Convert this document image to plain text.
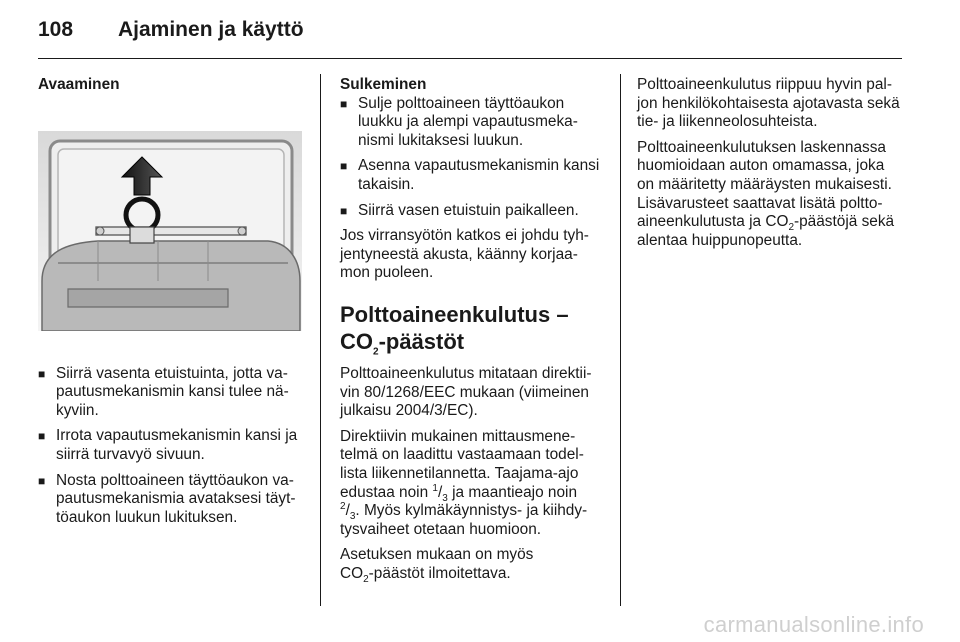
108 Ajaminen ja käyttö
Avaaminen
■ Siirrä vasenta etuistuinta, jotta va-pautusmekanismin kansi tulee nä-kyviin.
■ Irrota vapautusmekanismin kansi ja siirrä turvavyö sivuun.
■ Nosta polttoaineen täyttöaukon va-pautusmekanismia avataksesi täyt-töaukon luukun lukituksen.
Sulkeminen
■ Sulje polttoaineen täyttöaukon luukku ja alempi vapautusmeka-nismi lukitaksesi luukun.
■ Asenna vapautusmekanismin kansi takaisin.
■ Siirrä vasen etuistuin paikalleen.

Jos virransyötön katkos ei johdu tyh-jentyneestä akusta, käänny korjaa-mon puoleen.

Polttoaineenkulutus –
$CO_2$-päästöt

Polttoaineenkulutus mitataan direktii-vin 80/1268/EEC mukaan (viimeinen julkaisu 2004/3/EC).

Direktiivin mukainen mittausmene-telmä on laadittu vastaamaan todel-lista liikennetilannetta. Taajama-ajo edustaa noin $^1/_3$ ja maantieajo noin
$^2/_3$. Myös kylmäkäynnistys- ja kiihdy-tysvaiheet otetaan huomioon.

Asetuksen mukaan on myös
$CO_2$-päästöt ilmoitettava.

Polttoaineenkulutus riippuu hyvin pal-jon henkilökohtaisesta ajotavasta sekä tie- ja liikenneolosuhteista.

Polttoaineenkulutuksen laskennassa huomioidaan auton omamassa, joka on määritetty määräysten mukaisesti. Lisävarusteet saattavat lisätä poltto-aineenkulutusta ja $CO_2$-päästöjä sekä alentaa huippunopeutta.

carmanualsonline.info
